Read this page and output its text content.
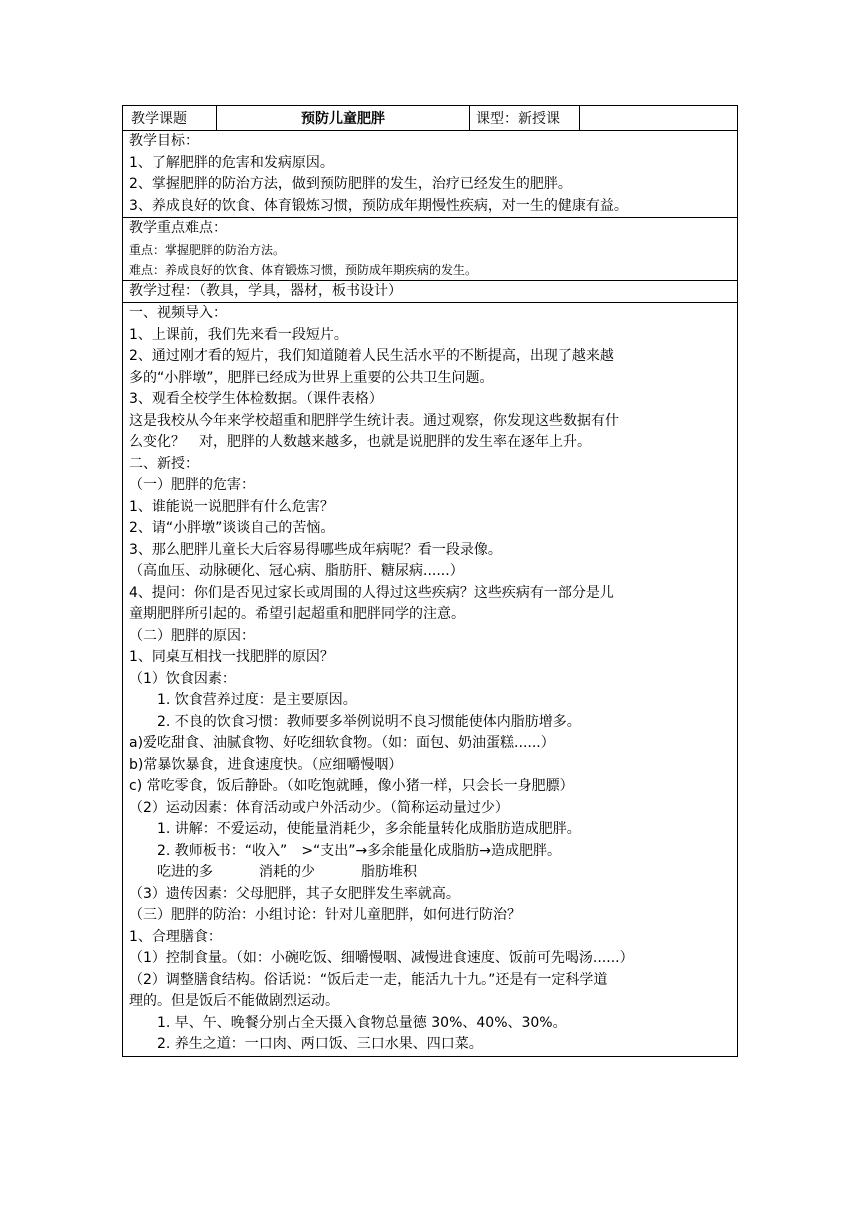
教学课题	预防儿童肥胖	课型：新授课
教学目标：
1、了解肥胖的危害和发病原因。
2、掌握肥胖的防治方法，做到预防肥胖的发生，治疗已经发生的肥胖。
3、养成良好的饮食、体育锻炼习惯，预防成年期慢性疾病，对一生的健康有益。
教学重点难点：
重点：掌握肥胖的防治方法。
难点：养成良好的饮食、体育锻炼习惯，预防成年期疾病的发生。
教学过程：（教具，学具，器材，板书设计）
一、视频导入：
1、上课前，我们先来看一段短片。
2、通过刚才看的短片，我们知道随着人民生活水平的不断提高，出现了越来越
多的“小胖墩”，肥胖已经成为世界上重要的公共卫生问题。
3、观看全校学生体检数据。（课件表格）
这是我校从今年来学校超重和肥胖学生统计表。通过观察，你发现这些数据有什
么变化？　对，肥胖的人数越来越多，也就是说肥胖的发生率在逐年上升。
二、新授：
（一）肥胖的危害：
1、谁能说一说肥胖有什么危害？
2、请“小胖墩”谈谈自己的苦恼。
3、那么肥胖儿童长大后容易得哪些成年病呢？看一段录像。
（高血压、动脉硬化、冠心病、脂肪肝、糖尿病......）
4、提问：你们是否见过家长或周围的人得过这些疾病？这些疾病有一部分是儿
童期肥胖所引起的。希望引起超重和肥胖同学的注意。
（二）肥胖的原因：
1、同桌互相找一找肥胖的原因？
（1）饮食因素：
1. 饮食营养过度：是主要原因。
2. 不良的饮食习惯：教师要多举例说明不良习惯能使体内脂肪增多。
a)爱吃甜食、油腻食物、好吃细软食物。（如：面包、奶油蛋糕......）
b)常暴饮暴食，进食速度快。（应细嚼慢咽）
c) 常吃零食，饭后静卧。（如吃饱就睡，像小猪一样，只会长一身肥膘）
（2）运动因素：体育活动或户外活动少。（简称运动量过少）
1. 讲解：不爱运动，使能量消耗少，多余能量转化成脂肪造成肥胖。
2. 教师板书：“收入”　>“支出”→多余能量化成脂肪→造成肥胖。
吃进的多	消耗的少	脂肪堆积
（3）遗传因素：父母肥胖，其子女肥胖发生率就高。
（三）肥胖的防治：小组讨论：针对儿童肥胖，如何进行防治？
1、合理膳食：
（1）控制食量。（如：小碗吃饭、细嚼慢咽、减慢进食速度、饭前可先喝汤......）
（2）调整膳食结构。俗话说：“饭后走一走，能活九十九。”还是有一定科学道
理的。但是饭后不能做剧烈运动。
1. 早、午、晚餐分别占全天摄入食物总量德 30%、40%、30%。
2. 养生之道：一口肉、两口饭、三口水果、四口菜。
